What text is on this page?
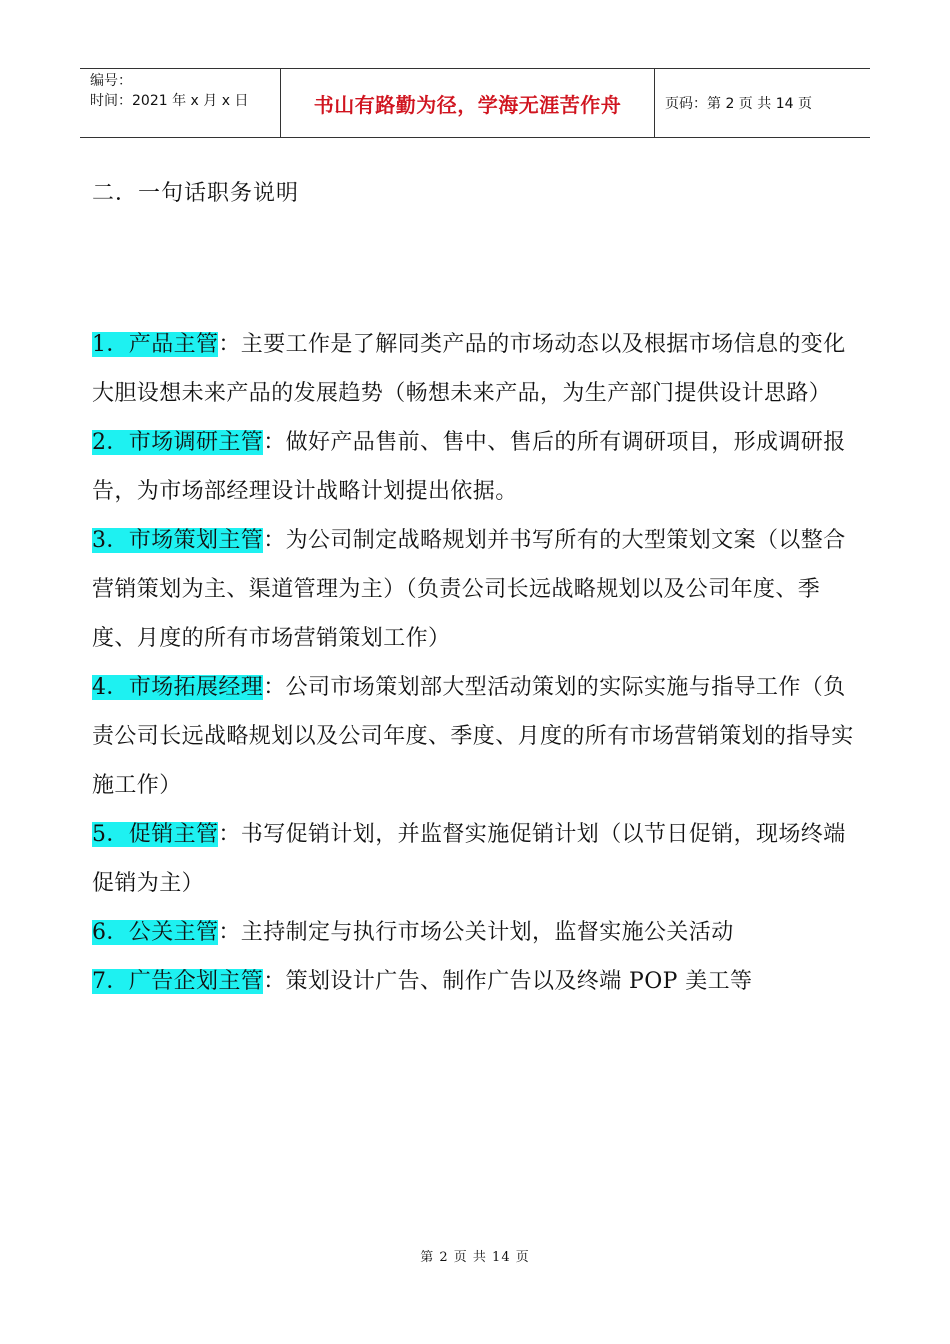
编号：
时间：2021 年 x 月 x 日	书山有路勤为径，学海无涯苦作舟	页码：第 2 页 共 14 页
二．一句话职务说明

1．产品主管：主要工作是了解同类产品的市场动态以及根据市场信息的变化大胆设想未来产品的发展趋势（畅想未来产品，为生产部门提供设计思路）

2．市场调研主管：做好产品售前、售中、售后的所有调研项目，形成调研报告，为市场部经理设计战略计划提出依据。

3．市场策划主管：为公司制定战略规划并书写所有的大型策划文案（以整合营销策划为主、渠道管理为主）（负责公司长远战略规划以及公司年度、季度、月度的所有市场营销策划工作）

4．市场拓展经理：公司市场策划部大型活动策划的实际实施与指导工作（负责公司长远战略规划以及公司年度、季度、月度的所有市场营销策划的指导实施工作）

5．促销主管：书写促销计划，并监督实施促销计划（以节日促销，现场终端促销为主）

6．公关主管：主持制定与执行市场公关计划，监督实施公关活动

7．广告企划主管：策划设计广告、制作广告以及终端 POP 美工等

第 2 页 共 14 页
